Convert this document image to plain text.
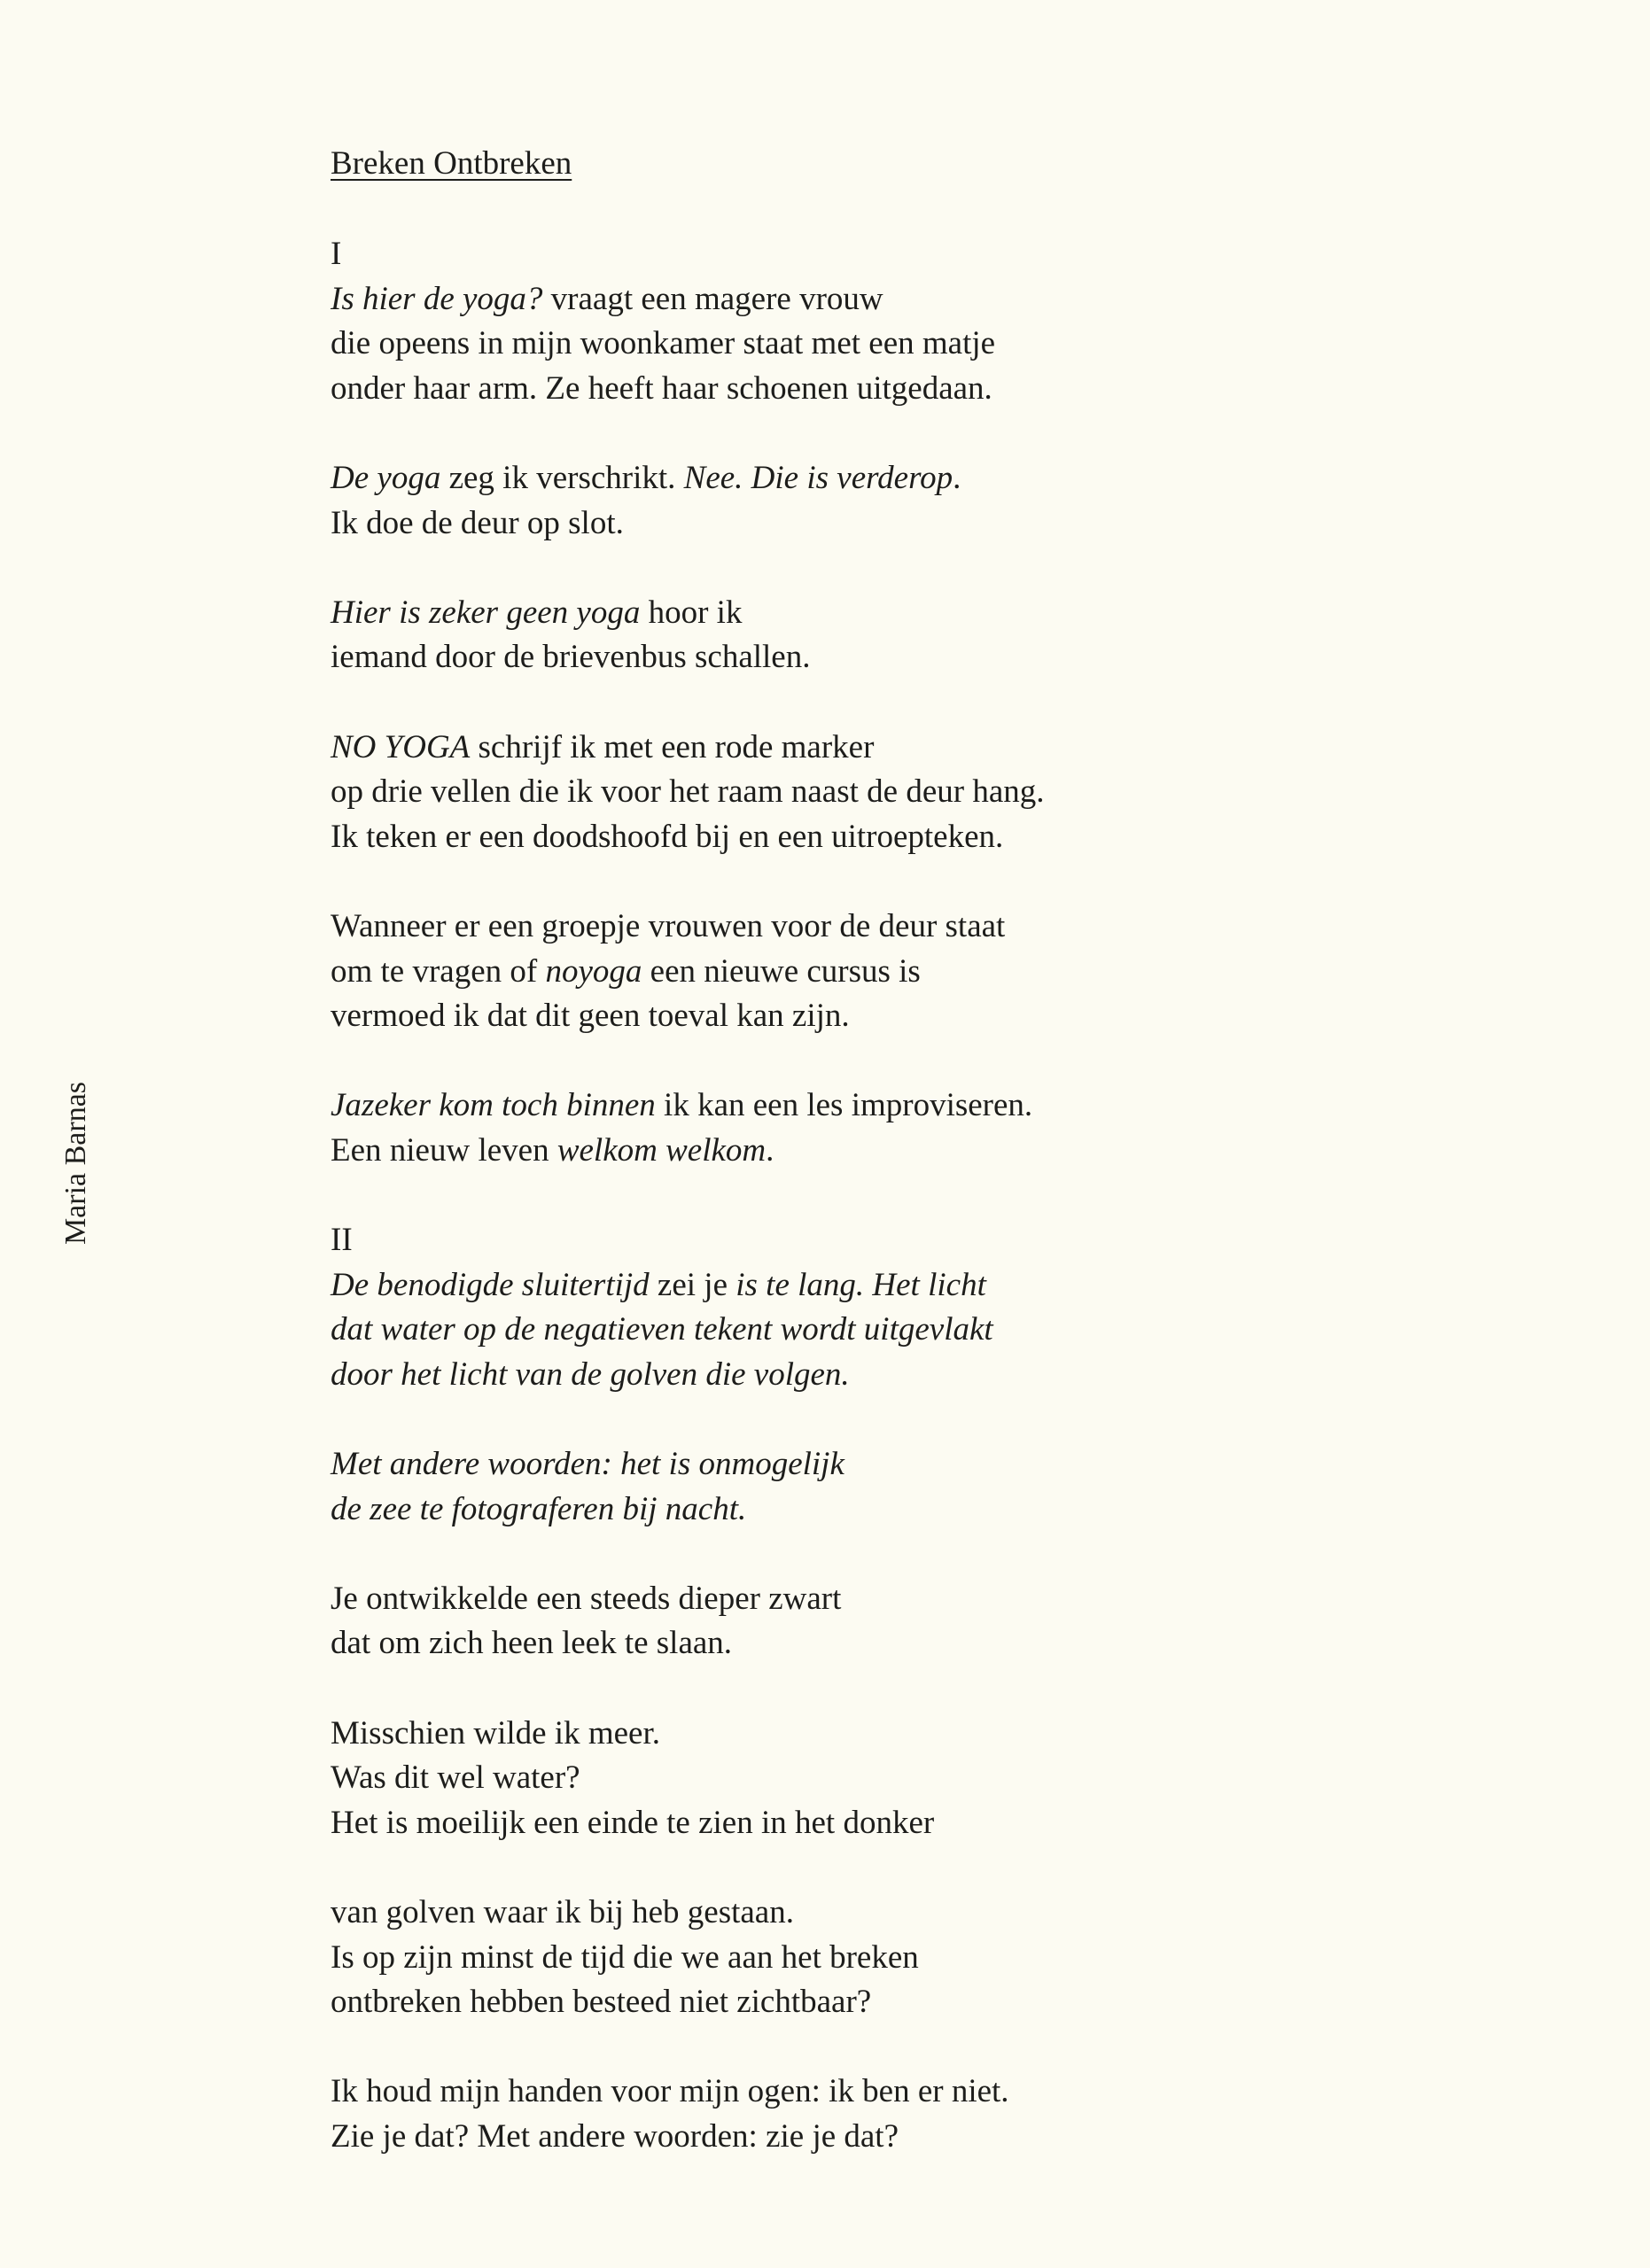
Maria Barnas
Breken Ontbreken
I
Is hier de yoga? vraagt een magere vrouw
die opeens in mijn woonkamer staat met een matje
onder haar arm. Ze heeft haar schoenen uitgedaan.
De yoga zeg ik verschrikt. Nee. Die is verderop.
Ik doe de deur op slot.
Hier is zeker geen yoga hoor ik
iemand door de brievenbus schallen.
NO YOGA schrijf ik met een rode marker
op drie vellen die ik voor het raam naast de deur hang.
Ik teken er een doodshoofd bij en een uitroepteken.
Wanneer er een groepje vrouwen voor de deur staat
om te vragen of noyoga een nieuwe cursus is
vermoed ik dat dit geen toeval kan zijn.
Jazeker kom toch binnen ik kan een les improviseren.
Een nieuw leven welkom welkom.
II
De benodigde sluitertijd zei je is te lang. Het licht
dat water op de negatieven tekent wordt uitgevlakt
door het licht van de golven die volgen.
Met andere woorden: het is onmogelijk
de zee te fotograferen bij nacht.
Je ontwikkelde een steeds dieper zwart
dat om zich heen leek te slaan.
Misschien wilde ik meer.
Was dit wel water?
Het is moeilijk een einde te zien in het donker
van golven waar ik bij heb gestaan.
Is op zijn minst de tijd die we aan het breken
ontbreken hebben besteed niet zichtbaar?
Ik houd mijn handen voor mijn ogen: ik ben er niet.
Zie je dat? Met andere woorden: zie je dat?
